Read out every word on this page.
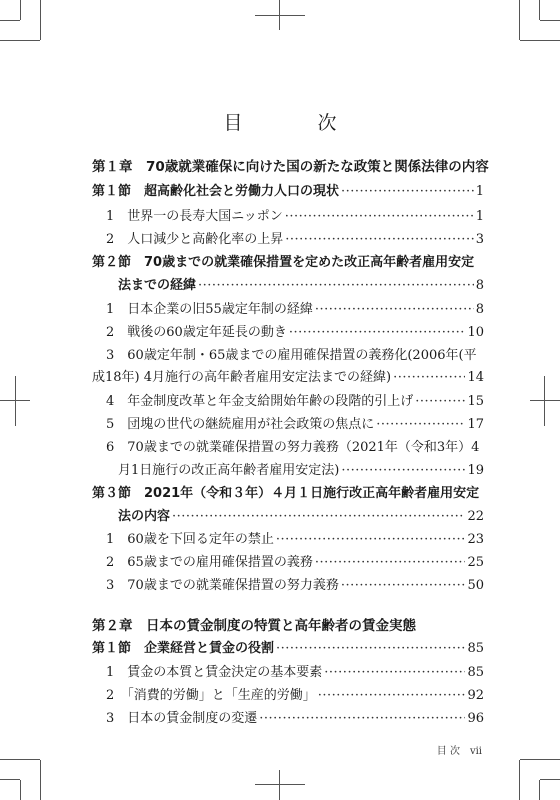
目　次
第１章　70歳就業確保に向けた国の新たな政策と関係法律の内容
第１節　超高齢化社会と労働力人口の現状 ·····	1
1　世界一の長寿大国ニッポン ·····	1
2　人口減少と高齢化率の上昇 ·····	3
第２節　70歳までの就業確保措置を定めた改正高年齢者雇用安定
法までの経緯 ·····	8
1　日本企業の旧55歳定年制の経緯 ·····	8
2　戦後の60歳定年延長の動き ·····	10
3　60歳定年制・65歳までの雇用確保措置の義務化(2006年(平
成18年) 4月施行の高年齢者雇用安定法までの経緯) ·····	14
4　年金制度改革と年金支給開始年齢の段階的引上げ ·····	15
5　団塊の世代の継続雇用が社会政策の焦点に ·····	17
6　70歳までの就業確保措置の努力義務（2021年（令和3年）4
月1日施行の改正高年齢者雇用安定法) ·····	19
第３節　2021年（令和３年）４月１日施行改正高年齢者雇用安定
法の内容 ·····	22
1　60歳を下回る定年の禁止 ·····	23
2　65歳までの雇用確保措置の義務 ·····	25
3　70歳までの就業確保措置の努力義務 ·····	50
第２章　日本の賃金制度の特質と高年齢者の賃金実態
第１節　企業経営と賃金の役割 ·····	85
1　賃金の本質と賃金決定の基本要素 ·····	85
2　「消費的労働」と「生産的労働」 ·····	92
3　日本の賃金制度の変遷 ·····	96
目 次 vii
